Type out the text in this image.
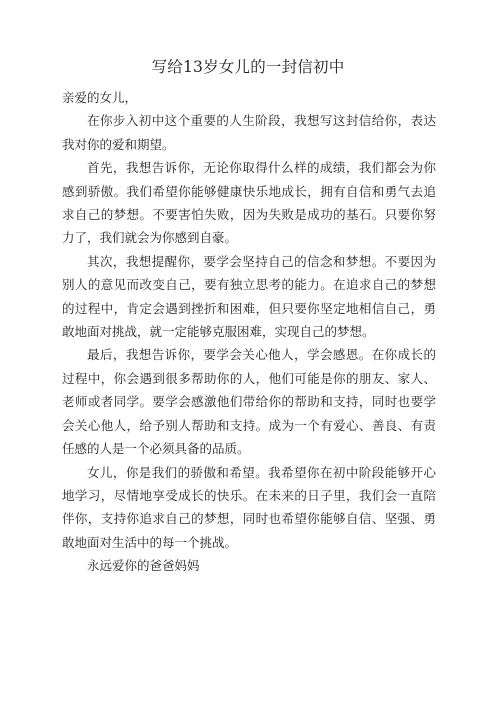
写给13岁女儿的一封信初中

亲爱的女儿，

在你步入初中这个重要的人生阶段，我想写这封信给你，表达我对你的爱和期望。

首先，我想告诉你，无论你取得什么样的成绩，我们都会为你感到骄傲。我们希望你能够健康快乐地成长，拥有自信和勇气去追求自己的梦想。不要害怕失败，因为失败是成功的基石。只要你努力了，我们就会为你感到自豪。

其次，我想提醒你，要学会坚持自己的信念和梦想。不要因为别人的意见而改变自己，要有独立思考的能力。在追求自己的梦想的过程中，肯定会遇到挫折和困难，但只要你坚定地相信自己，勇敢地面对挑战，就一定能够克服困难，实现自己的梦想。

最后，我想告诉你，要学会关心他人，学会感恩。在你成长的过程中，你会遇到很多帮助你的人，他们可能是你的朋友、家人、老师或者同学。要学会感激他们带给你的帮助和支持，同时也要学会关心他人，给予别人帮助和支持。成为一个有爱心、善良、有责任感的人是一个必须具备的品质。

女儿，你是我们的骄傲和希望。我希望你在初中阶段能够开心地学习，尽情地享受成长的快乐。在未来的日子里，我们会一直陪伴你，支持你追求自己的梦想，同时也希望你能够自信、坚强、勇敢地面对生活中的每一个挑战。

永远爱你的爸爸妈妈
